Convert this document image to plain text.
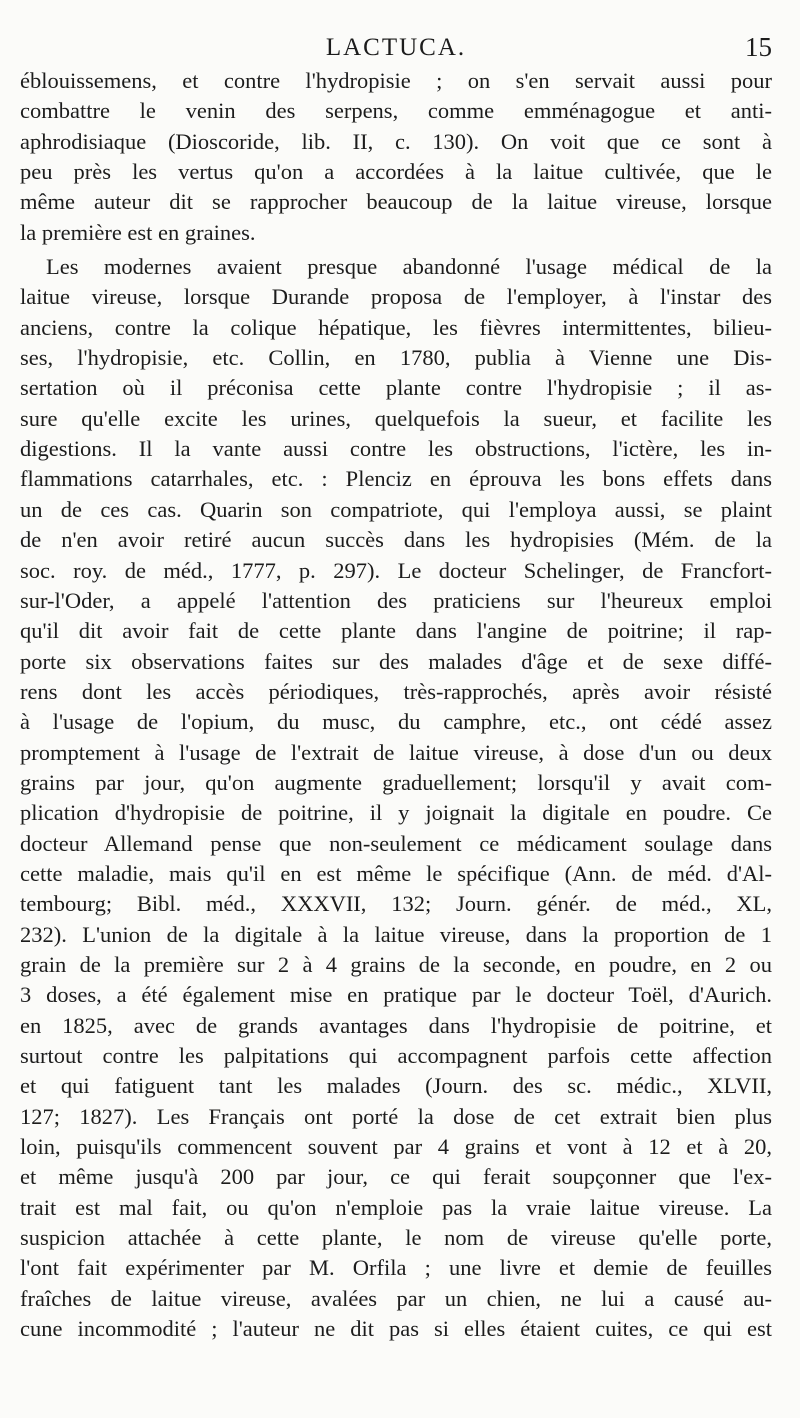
LACTUCA.	15
éblouissemens, et contre l'hydropisie ; on s'en servait aussi pour
combattre le venin des serpens, comme emménagogue et anti-
aphrodisiaque (Dioscoride, lib. II, c. 130). On voit que ce sont à
peu près les vertus qu'on a accordées à la laitue cultivée, que le
même auteur dit se rapprocher beaucoup de la laitue vireuse, lorsque
la première est en graines.
Les modernes avaient presque abandonné l'usage médical de la
laitue vireuse, lorsque Durande proposa de l'employer, à l'instar des
anciens, contre la colique hépatique, les fièvres intermittentes, bilieu-
ses, l'hydropisie, etc. Collin, en 1780, publia à Vienne une Dis-
sertation où il préconisa cette plante contre l'hydropisie ; il as-
sure qu'elle excite les urines, quelquefois la sueur, et facilite les
digestions. Il la vante aussi contre les obstructions, l'ictère, les in-
flammations catarrhales, etc. : Plenciz en éprouva les bons effets dans
un de ces cas. Quarin son compatriote, qui l'employa aussi, se plaint
de n'en avoir retiré aucun succès dans les hydropisies (Mém. de la
soc. roy. de méd., 1777, p. 297). Le docteur Schelinger, de Francfort-
sur-l'Oder, a appelé l'attention des praticiens sur l'heureux emploi
qu'il dit avoir fait de cette plante dans l'angine de poitrine; il rap-
porte six observations faites sur des malades d'âge et de sexe diffé-
rens dont les accès périodiques, très-rapprochés, après avoir résisté
à l'usage de l'opium, du musc, du camphre, etc., ont cédé assez
promptement à l'usage de l'extrait de laitue vireuse, à dose d'un ou deux
grains par jour, qu'on augmente graduellement; lorsqu'il y avait com-
plication d'hydropisie de poitrine, il y joignait la digitale en poudre. Ce
docteur Allemand pense que non-seulement ce médicament soulage dans
cette maladie, mais qu'il en est même le spécifique (Ann. de méd. d'Al-
tembourg; Bibl. méd., XXXVII, 132; Journ. génér. de méd., XL,
232). L'union de la digitale à la laitue vireuse, dans la proportion de 1
grain de la première sur 2 à 4 grains de la seconde, en poudre, en 2 ou
3 doses, a été également mise en pratique par le docteur Toël, d'Aurich.
en 1825, avec de grands avantages dans l'hydropisie de poitrine, et
surtout contre les palpitations qui accompagnent parfois cette affection
et qui fatiguent tant les malades (Journ. des sc. médic., XLVII,
127; 1827). Les Français ont porté la dose de cet extrait bien plus
loin, puisqu'ils commencent souvent par 4 grains et vont à 12 et à 20,
et même jusqu'à 200 par jour, ce qui ferait soupçonner que l'ex-
trait est mal fait, ou qu'on n'emploie pas la vraie laitue vireuse. La
suspicion attachée à cette plante, le nom de vireuse qu'elle porte,
l'ont fait expérimenter par M. Orfila ; une livre et demie de feuilles
fraîches de laitue vireuse, avalées par un chien, ne lui a causé au-
cune incommodité ; l'auteur ne dit pas si elles étaient cuites, ce qui est
